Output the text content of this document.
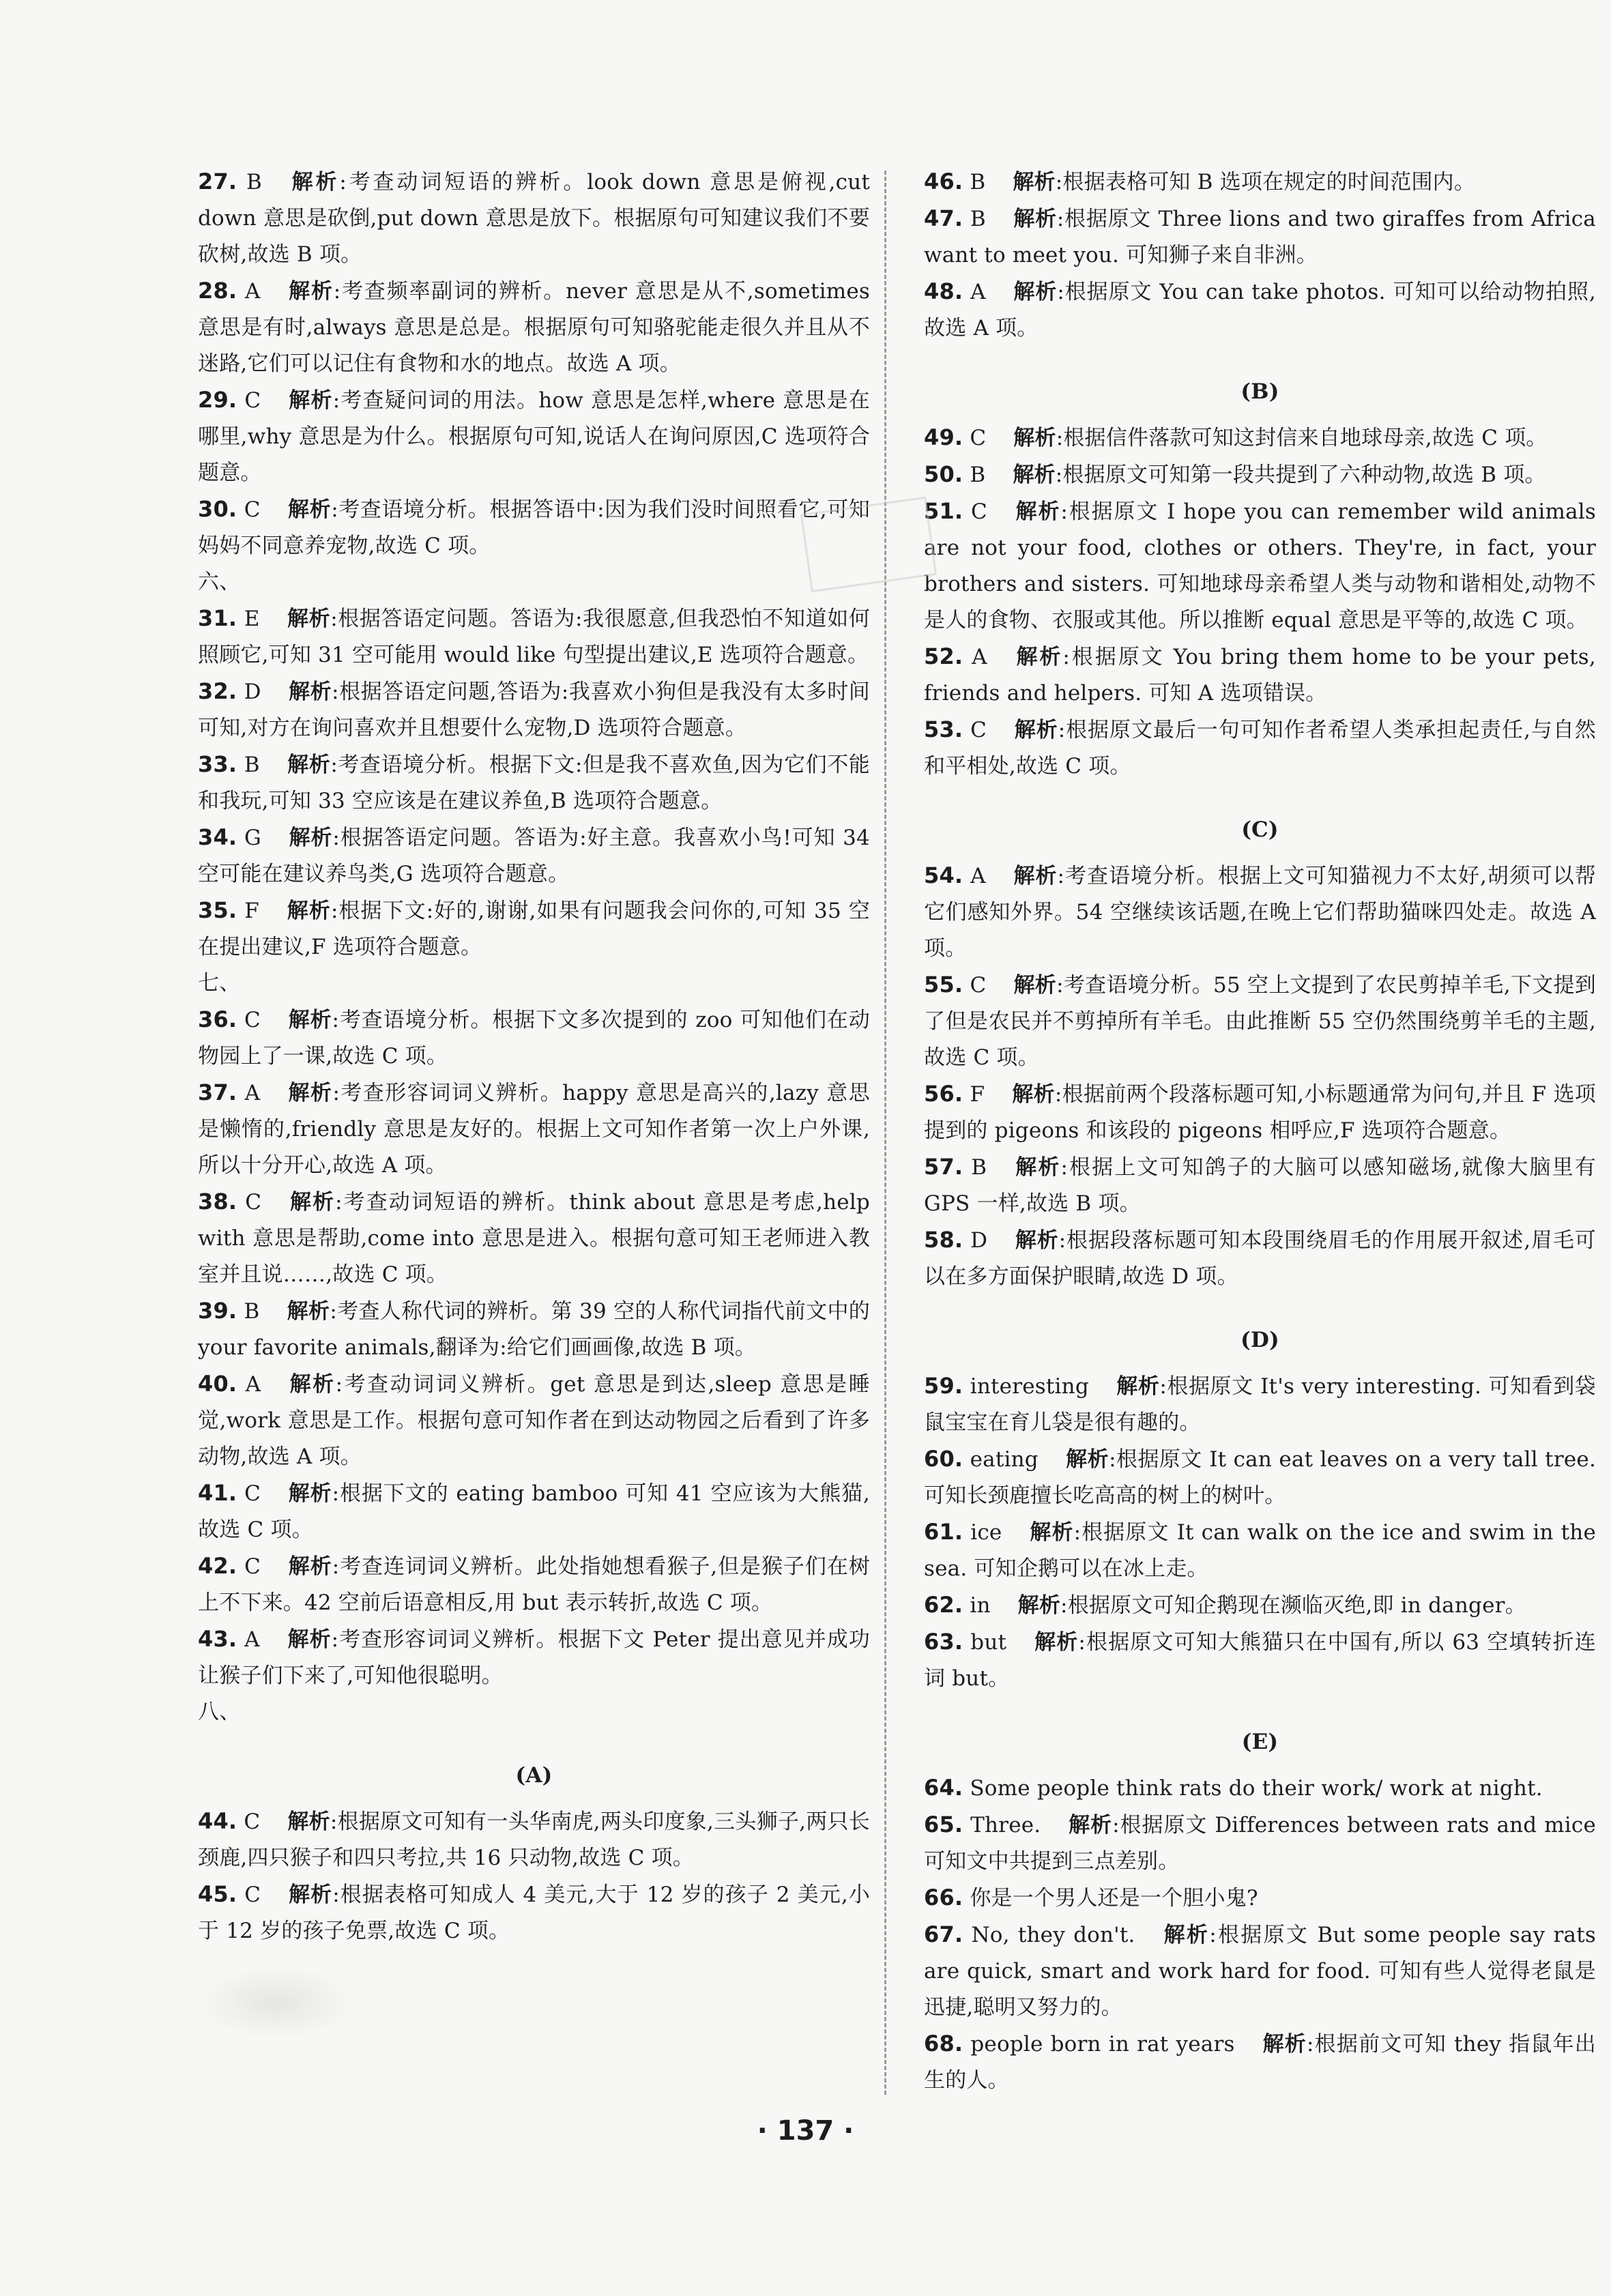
27. B 解析:考查动词短语的辨析。look down 意思是俯视,cut down 意思是砍倒,put down 意思是放下。根据原句可知建议我们不要砍树,故选 B 项。
28. A 解析:考查频率副词的辨析。never 意思是从不,sometimes 意思是有时,always 意思是总是。根据原句可知骆驼能走很久并且从不迷路,它们可以记住有食物和水的地点。故选 A 项。
29. C 解析:考查疑问词的用法。how 意思是怎样,where 意思是在哪里,why 意思是为什么。根据原句可知,说话人在询问原因,C 选项符合题意。
30. C 解析:考查语境分析。根据答语中:因为我们没时间照看它,可知妈妈不同意养宠物,故选 C 项。
六、
31. E 解析:根据答语定问题。答语为:我很愿意,但我恐怕不知道如何照顾它,可知 31 空可能用 would like 句型提出建议,E 选项符合题意。
32. D 解析:根据答语定问题,答语为:我喜欢小狗但是我没有太多时间可知,对方在询问喜欢并且想要什么宠物,D 选项符合题意。
33. B 解析:考查语境分析。根据下文:但是我不喜欢鱼,因为它们不能和我玩,可知 33 空应该是在建议养鱼,B 选项符合题意。
34. G 解析:根据答语定问题。答语为:好主意。我喜欢小鸟!可知 34 空可能在建议养鸟类,G 选项符合题意。
35. F 解析:根据下文:好的,谢谢,如果有问题我会问你的,可知 35 空在提出建议,F 选项符合题意。
七、
36. C 解析:考查语境分析。根据下文多次提到的 zoo 可知他们在动物园上了一课,故选 C 项。
37. A 解析:考查形容词词义辨析。happy 意思是高兴的,lazy 意思是懒惰的,friendly 意思是友好的。根据上文可知作者第一次上户外课,所以十分开心,故选 A 项。
38. C 解析:考查动词短语的辨析。think about 意思是考虑,help with 意思是帮助,come into 意思是进入。根据句意可知王老师进入教室并且说……,故选 C 项。
39. B 解析:考查人称代词的辨析。第 39 空的人称代词指代前文中的 your favorite animals,翻译为:给它们画画像,故选 B 项。
40. A 解析:考查动词词义辨析。get 意思是到达,sleep 意思是睡觉,work 意思是工作。根据句意可知作者在到达动物园之后看到了许多动物,故选 A 项。
41. C 解析:根据下文的 eating bamboo 可知 41 空应该为大熊猫,故选 C 项。
42. C 解析:考查连词词义辨析。此处指她想看猴子,但是猴子们在树上不下来。42 空前后语意相反,用 but 表示转折,故选 C 项。
43. A 解析:考查形容词词义辨析。根据下文 Peter 提出意见并成功让猴子们下来了,可知他很聪明。
八、
(A)
44. C 解析:根据原文可知有一头华南虎,两头印度象,三头狮子,两只长颈鹿,四只猴子和四只考拉,共 16 只动物,故选 C 项。
45. C 解析:根据表格可知成人 4 美元,大于 12 岁的孩子 2 美元,小于 12 岁的孩子免票,故选 C 项。
46. B 解析:根据表格可知 B 选项在规定的时间范围内。
47. B 解析:根据原文 Three lions and two giraffes from Africa want to meet you. 可知狮子来自非洲。
48. A 解析:根据原文 You can take photos. 可知可以给动物拍照,故选 A 项。
(B)
49. C 解析:根据信件落款可知这封信来自地球母亲,故选 C 项。
50. B 解析:根据原文可知第一段共提到了六种动物,故选 B 项。
51. C 解析:根据原文 I hope you can remember wild animals are not your food, clothes or others. They're, in fact, your brothers and sisters. 可知地球母亲希望人类与动物和谐相处,动物不是人的食物、衣服或其他。所以推断 equal 意思是平等的,故选 C 项。
52. A 解析:根据原文 You bring them home to be your pets, friends and helpers. 可知 A 选项错误。
53. C 解析:根据原文最后一句可知作者希望人类承担起责任,与自然和平相处,故选 C 项。
(C)
54. A 解析:考查语境分析。根据上文可知猫视力不太好,胡须可以帮它们感知外界。54 空继续该话题,在晚上它们帮助猫咪四处走。故选 A 项。
55. C 解析:考查语境分析。55 空上文提到了农民剪掉羊毛,下文提到了但是农民并不剪掉所有羊毛。由此推断 55 空仍然围绕剪羊毛的主题,故选 C 项。
56. F 解析:根据前两个段落标题可知,小标题通常为问句,并且 F 选项提到的 pigeons 和该段的 pigeons 相呼应,F 选项符合题意。
57. B 解析:根据上文可知鸽子的大脑可以感知磁场,就像大脑里有 GPS 一样,故选 B 项。
58. D 解析:根据段落标题可知本段围绕眉毛的作用展开叙述,眉毛可以在多方面保护眼睛,故选 D 项。
(D)
59. interesting 解析:根据原文 It's very interesting. 可知看到袋鼠宝宝在育儿袋是很有趣的。
60. eating 解析:根据原文 It can eat leaves on a very tall tree. 可知长颈鹿擅长吃高高的树上的树叶。
61. ice 解析:根据原文 It can walk on the ice and swim in the sea. 可知企鹅可以在冰上走。
62. in 解析:根据原文可知企鹅现在濒临灭绝,即 in danger。
63. but 解析:根据原文可知大熊猫只在中国有,所以 63 空填转折连词 but。
(E)
64. Some people think rats do their work/ work at night.
65. Three. 解析:根据原文 Differences between rats and mice 可知文中共提到三点差别。
66. 你是一个男人还是一个胆小鬼?
67. No, they don't. 解析:根据原文 But some people say rats are quick, smart and work hard for food. 可知有些人觉得老鼠是迅捷,聪明又努力的。
68. people born in rat years 解析:根据前文可知 they 指鼠年出生的人。
· 137 ·
